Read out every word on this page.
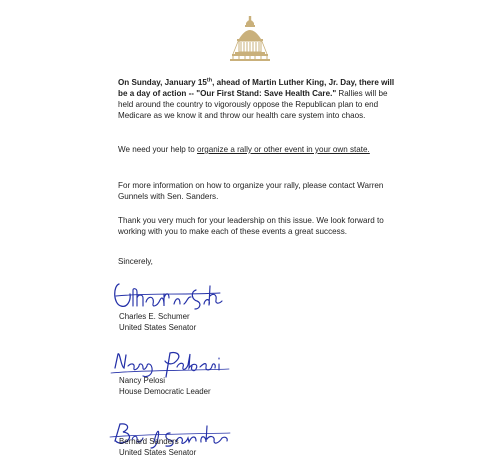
On Sunday, January 15th, ahead of Martin Luther King, Jr. Day, there will be a day of action -- "Our First Stand: Save Health Care." Rallies will be held around the country to vigorously oppose the Republican plan to end Medicare as we know it and throw our health care system into chaos.

We need your help to organize a rally or other event in your own state.

For more information on how to organize your rally, please contact Warren Gunnels with Sen. Sanders.

Thank you very much for your leadership on this issue. We look forward to working with you to make each of these events a great success.

Sincerely,

Charles E. Schumer
United States Senator

Nancy Pelosi
House Democratic Leader

Bernard Sanders
United States Senator
